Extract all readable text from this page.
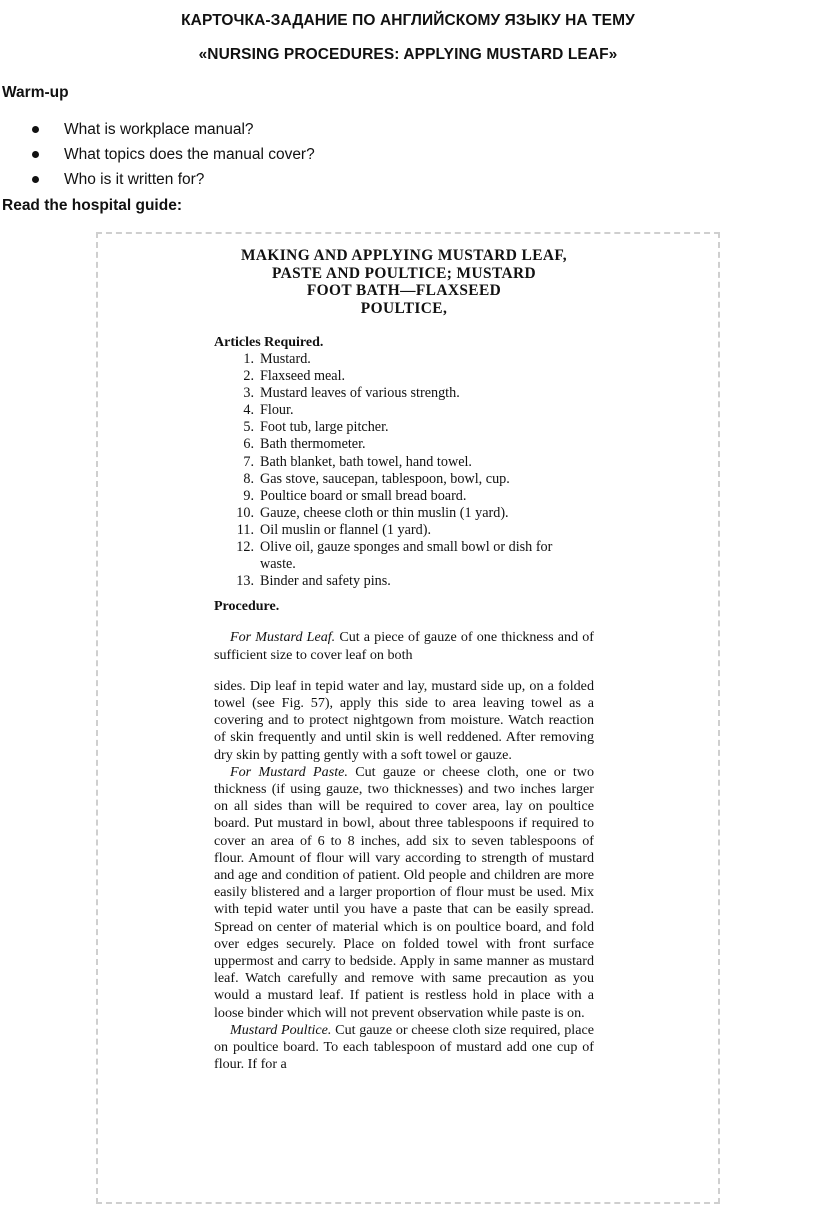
КАРТОЧКА-ЗАДАНИЕ ПО АНГЛИЙСКОМУ ЯЗЫКУ НА ТЕМУ
«NURSING PROCEDURES: APPLYING MUSTARD LEAF»
Warm-up
What is workplace manual?
What topics does the manual cover?
Who is it written for?
Read the hospital guide:

MAKING AND APPLYING MUSTARD LEAF,
PASTE AND POULTICE; MUSTARD
FOOT BATH—FLAXSEED
POULTICE,

Articles Required.

1. Mustard.
2. Flaxseed meal.
3. Mustard leaves of various strength.
4. Flour.
5. Foot tub, large pitcher.
6. Bath thermometer.
7. Bath blanket, bath towel, hand towel.
8. Gas stove, saucepan, tablespoon, bowl, cup.
9. Poultice board or small bread board.
10. Gauze, cheese cloth or thin muslin (1 yard).
11. Oil muslin or flannel (1 yard).
12. Olive oil, gauze sponges and small bowl or dish for waste.
13. Binder and safety pins.

Procedure.

For Mustard Leaf. Cut a piece of gauze of one thickness and of sufficient size to cover leaf on both

sides. Dip leaf in tepid water and lay, mustard side up, on a folded towel (see Fig. 57), apply this side to area leaving towel as a covering and to protect nightgown from moisture. Watch reaction of skin frequently and until skin is well reddened. After removing dry skin by patting gently with a soft towel or gauze.

For Mustard Paste. Cut gauze or cheese cloth, one or two thickness (if using gauze, two thicknesses) and two inches larger on all sides than will be required to cover area, lay on poultice board. Put mustard in bowl, about three tablespoons if required to cover an area of 6 to 8 inches, add six to seven tablespoons of flour. Amount of flour will vary according to strength of mustard and age and condition of patient. Old people and children are more easily blistered and a larger proportion of flour must be used. Mix with tepid water until you have a paste that can be easily spread. Spread on center of material which is on poultice board, and fold over edges securely. Place on folded towel with front surface uppermost and carry to bedside. Apply in same manner as mustard leaf. Watch carefully and remove with same precaution as you would a mustard leaf. If patient is restless hold in place with a loose binder which will not prevent observation while paste is on.

Mustard Poultice. Cut gauze or cheese cloth size required, place on poultice board. To each tablespoon of mustard add one cup of flour. If for a
